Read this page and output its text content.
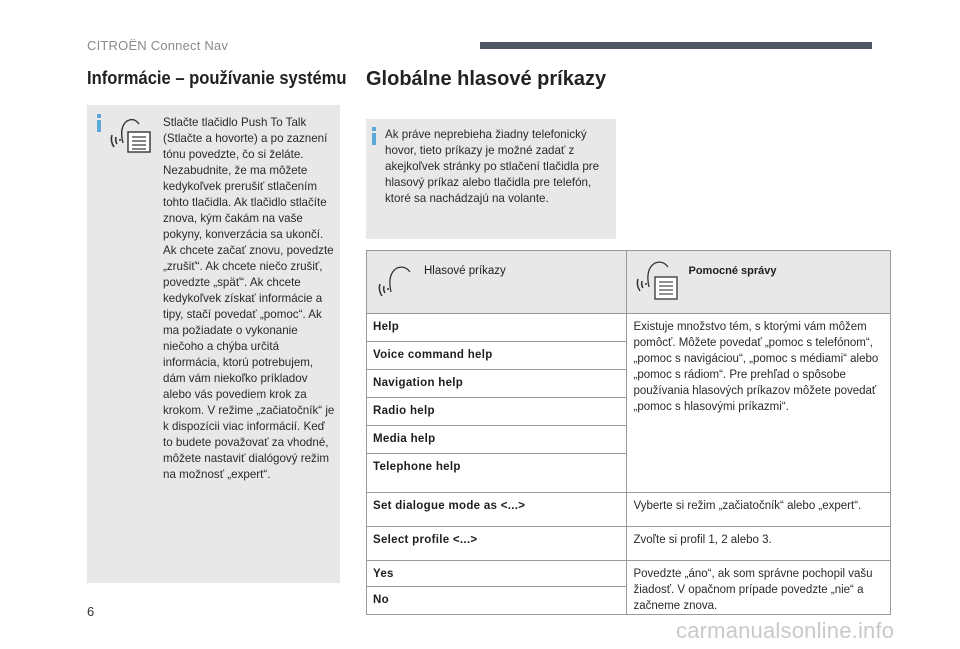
CITROËN Connect Nav
Informácie – používanie systému Globálne hlasové príkazy
Stlačte tlačidlo Push To Talk (Stlačte a hovorte) a po zaznení tónu povedzte, čo si želáte. Nezabudnite, že ma môžete kedykoľvek prerušiť stlačením tohto tlačidla. Ak tlačidlo stlačíte znova, kým čakám na vaše pokyny, konverzácia sa ukončí. Ak chcete začať znovu, povedzte „zrušiť“. Ak chcete niečo zrušiť, povedzte „späť“. Ak chcete kedykoľvek získať informácie a tipy, stačí povedať „pomoc“. Ak ma požiadate o vykonanie niečoho a chýba určitá informácia, ktorú potrebujem, dám vám niekoľko príkladov alebo vás povediem krok za krokom. V režime „začiatočník“ je k dispozícii viac informácií. Keď to budete považovať za vhodné, môžete nastaviť dialógový režim na možnosť „expert“.
Ak práve neprebieha žiadny telefonický hovor, tieto príkazy je možné zadať z akejkoľvek stránky po stlačení tlačidla pre hlasový príkaz alebo tlačidla pre telefón, ktoré sa nachádzajú na volante.
Hlasové príkazy	Pomocné správy

Help	Existuje množstvo tém, s ktorými vám môžem pomôcť. Môžete povedať „pomoc s telefónom“, „pomoc s navigáciou“, „pomoc s médiami“ alebo „pomoc s rádiom“. Pre prehľad o spôsobe používania hlasových príkazov môžete povedať „pomoc s hlasovými príkazmi“.
Voice command help	
Navigation help	
Radio help	
Media help	
Telephone help	
Set dialogue mode as <...>	Vyberte si režim „začiatočník“ alebo „expert“.
Select profile <...>	Zvoľte si profil 1, 2 alebo 3.
Yes	Povedzte „áno“, ak som správne pochopil vašu žiadosť. V opačnom prípade povedzte „nie“ a začneme znova.
No	
6
carmanualsonline.info
